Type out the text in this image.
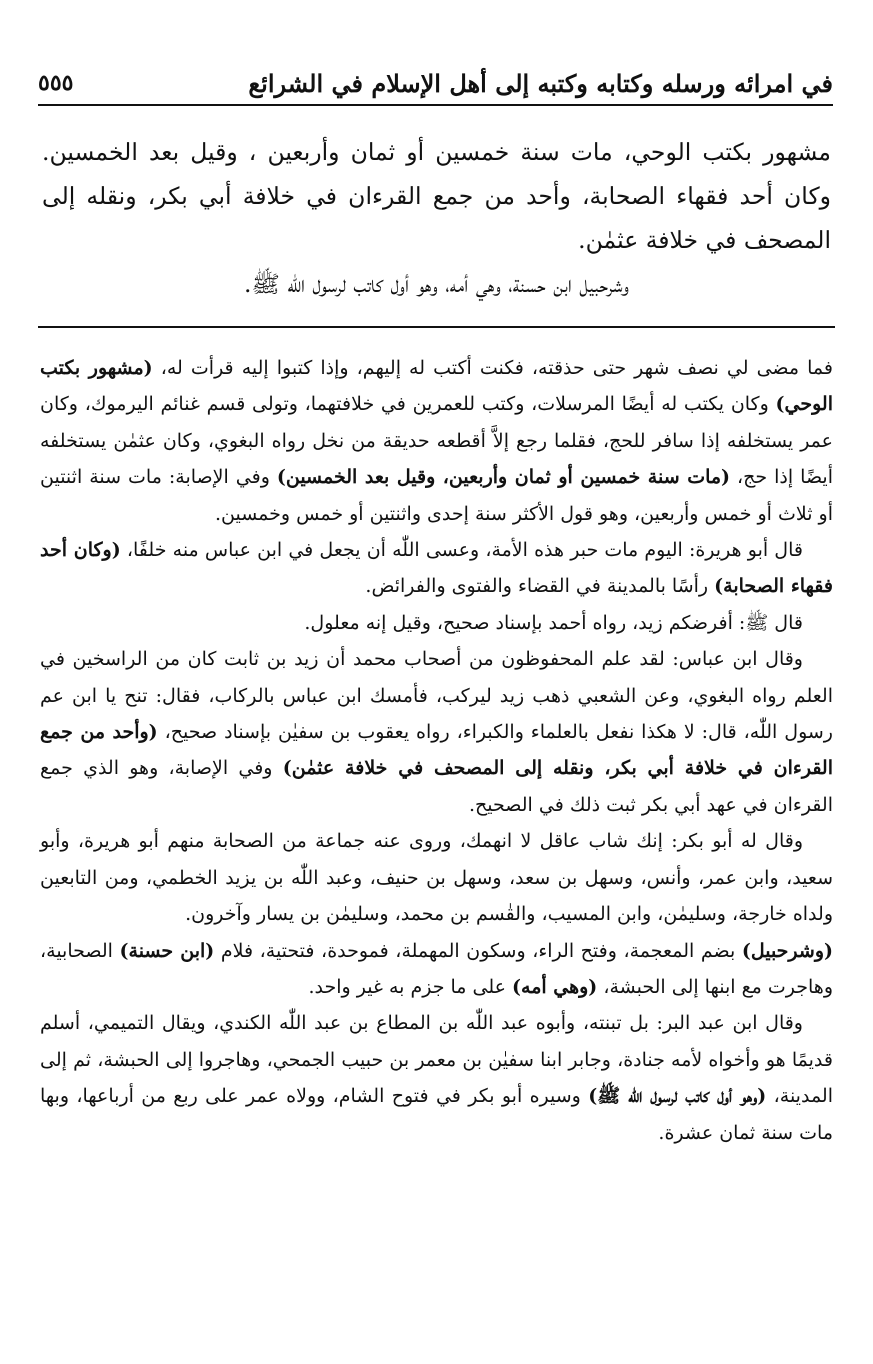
في امرائه ورسله وكتابه وكتبه إلى أهل الإسلام في الشرائع
٥٥٥

مشهور بكتب الوحي، مات سنة خمسين أو ثمان وأربعين ، وقيل بعد الخمسين. وكان أحد فقهاء الصحابة، وأحد من جمع القرءان في خلافة أبي بكر، ونقله إلى المصحف في خلافة عثمٰن.

وشرحبيل ابن حسنة، وهي أمه، وهو أول كاتب لرسول الله ﷺ.

فما مضى لي نصف شهر حتى حذقته، فكنت أكتب له إليهم، وإذا كتبوا إليه قرأت له، (مشهور بكتب الوحي) وكان يكتب له أيضًا المرسلات، وكتب للعمرين في خلافتهما، وتولى قسم غنائم اليرموك، وكان عمر يستخلفه إذا سافر للحج، فقلما رجع إلاَّ أقطعه حديقة من نخل رواه البغوي، وكان عثمٰن يستخلفه أيضًا إذا حج، (مات سنة خمسين أو ثمان وأربعين، وقيل بعد الخمسين) وفي الإصابة: مات سنة اثنتين أو ثلاث أو خمس وأربعين، وهو قول الأكثر سنة إحدى واثنتين أو خمس وخمسين.

قال أبو هريرة: اليوم مات حبر هذه الأمة، وعسى اللّٰه أن يجعل في ابن عباس منه خلفًا، (وكان أحد فقهاء الصحابة) رأسًا بالمدينة في القضاء والفتوى والفرائض.

قال ﷺ: أفرضكم زيد، رواه أحمد بإسناد صحيح، وقيل إنه معلول.

وقال ابن عباس: لقد علم المحفوظون من أصحاب محمد أن زيد بن ثابت كان من الراسخين في العلم رواه البغوي، وعن الشعبي ذهب زيد ليركب، فأمسك ابن عباس بالركاب، فقال: تنح يا ابن عم رسول اللّٰه، قال: لا هكذا نفعل بالعلماء والكبراء، رواه يعقوب بن سفيٰن بإسناد صحيح، (وأحد من جمع القرءان في خلافة أبي بكر، ونقله إلى المصحف في خلافة عثمٰن) وفي الإصابة، وهو الذي جمع القرءان في عهد أبي بكر ثبت ذلك في الصحيح.

وقال له أبو بكر: إنك شاب عاقل لا انهمك، وروى عنه جماعة من الصحابة منهم أبو هريرة، وأبو سعيد، وابن عمر، وأنس، وسهل بن سعد، وسهل بن حنيف، وعبد اللّٰه بن يزيد الخطمي، ومن التابعين ولداه خارجة، وسليمٰن، وابن المسيب، والقٰسم بن محمد، وسليمٰن بن يسار وآخرون.

(وشرحبيل) بضم المعجمة، وفتح الراء، وسكون المهملة، فموحدة، فتحتية، فلام (ابن حسنة) الصحابية، وهاجرت مع ابنها إلى الحبشة، (وهي أمه) على ما جزم به غير واحد.

وقال ابن عبد البر: بل تبنته، وأبوه عبد اللّٰه بن المطاع بن عبد اللّٰه الكندي، ويقال التميمي، أسلم قديمًا هو وأخواه لأمه جنادة، وجابر ابنا سفيٰن بن معمر بن حبيب الجمحي، وهاجروا إلى الحبشة، ثم إلى المدينة، (وهو أول كاتب لرسول اللّٰه ﷺ) وسيره أبو بكر في فتوح الشام، وولاه عمر على ربع من أرباعها، وبها مات سنة ثمان عشرة.
